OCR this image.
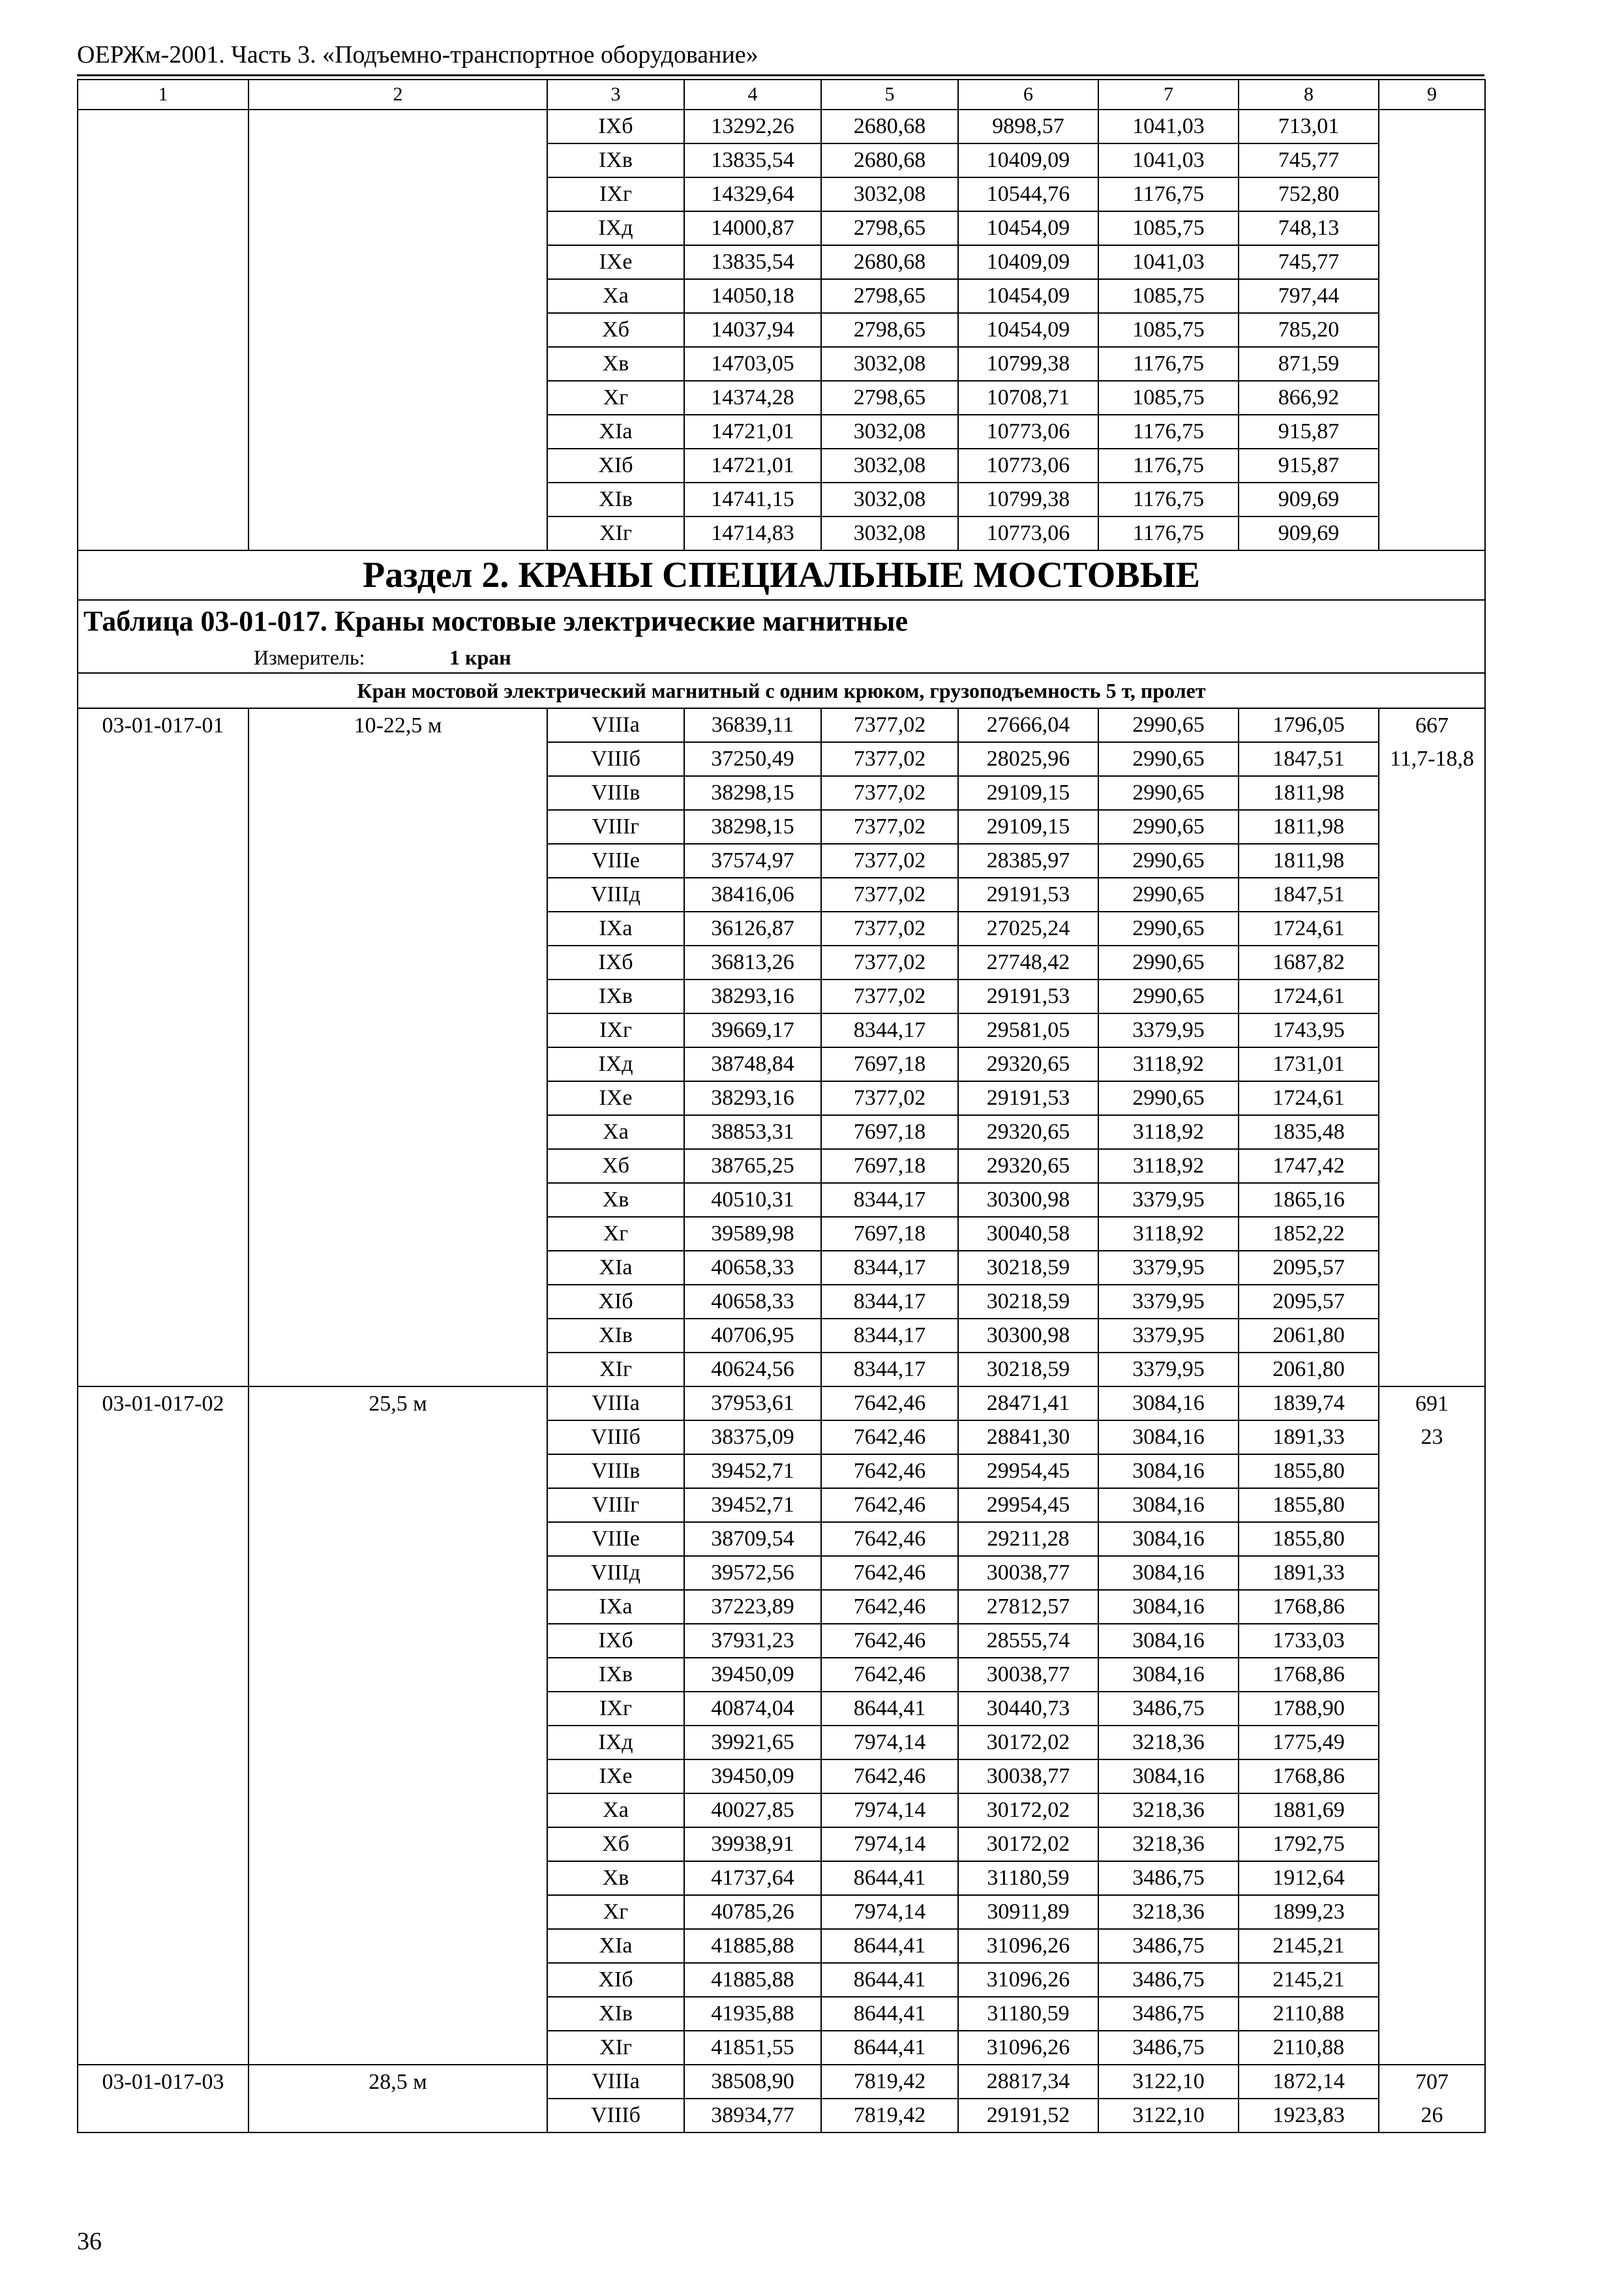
ОЕРЖм-2001. Часть 3. «Подъемно-транспортное оборудование»
1	2	3	4	5	6	7	8	9
		IXб	13292,26	2680,68	9898,57	1041,03	713,01	
		IXв	13835,54	2680,68	10409,09	1041,03	745,77	
		IXг	14329,64	3032,08	10544,76	1176,75	752,80	
		IXд	14000,87	2798,65	10454,09	1085,75	748,13	
		IXе	13835,54	2680,68	10409,09	1041,03	745,77	
		Xа	14050,18	2798,65	10454,09	1085,75	797,44	
		Xб	14037,94	2798,65	10454,09	1085,75	785,20	
		Xв	14703,05	3032,08	10799,38	1176,75	871,59	
		Xг	14374,28	2798,65	10708,71	1085,75	866,92	
		XIа	14721,01	3032,08	10773,06	1176,75	915,87	
		XIб	14721,01	3032,08	10773,06	1176,75	915,87	
		XIв	14741,15	3032,08	10799,38	1176,75	909,69	
		XIг	14714,83	3032,08	10773,06	1176,75	909,69	
Раздел 2. КРАНЫ СПЕЦИАЛЬНЫЕ МОСТОВЫЕ								
Таблица 03-01-017. Краны мостовые электрические магнитные								
Измеритель: 1 кран								
Кран мостовой электрический магнитный с одним крюком, грузоподъемность 5 т, пролет								
03-01-017-01	10-22,5 м	VIIIа	36839,11	7377,02	27666,04	2990,65	1796,05	667
		VIIIб	37250,49	7377,02	28025,96	2990,65	1847,51	11,7-18,8
		VIIIв	38298,15	7377,02	29109,15	2990,65	1811,98	
		VIIIг	38298,15	7377,02	29109,15	2990,65	1811,98	
		VIIIе	37574,97	7377,02	28385,97	2990,65	1811,98	
		VIIIд	38416,06	7377,02	29191,53	2990,65	1847,51	
		IXа	36126,87	7377,02	27025,24	2990,65	1724,61	
		IXб	36813,26	7377,02	27748,42	2990,65	1687,82	
		IXв	38293,16	7377,02	29191,53	2990,65	1724,61	
		IXг	39669,17	8344,17	29581,05	3379,95	1743,95	
		IXд	38748,84	7697,18	29320,65	3118,92	1731,01	
		IXе	38293,16	7377,02	29191,53	2990,65	1724,61	
		Xа	38853,31	7697,18	29320,65	3118,92	1835,48	
		Xб	38765,25	7697,18	29320,65	3118,92	1747,42	
		Xв	40510,31	8344,17	30300,98	3379,95	1865,16	
		Xг	39589,98	7697,18	30040,58	3118,92	1852,22	
		XIа	40658,33	8344,17	30218,59	3379,95	2095,57	
		XIб	40658,33	8344,17	30218,59	3379,95	2095,57	
		XIв	40706,95	8344,17	30300,98	3379,95	2061,80	
		XIг	40624,56	8344,17	30218,59	3379,95	2061,80	
03-01-017-02	25,5 м	VIIIа	37953,61	7642,46	28471,41	3084,16	1839,74	691
		VIIIб	38375,09	7642,46	28841,30	3084,16	1891,33	23
		VIIIв	39452,71	7642,46	29954,45	3084,16	1855,80	
		VIIIг	39452,71	7642,46	29954,45	3084,16	1855,80	
		VIIIе	38709,54	7642,46	29211,28	3084,16	1855,80	
		VIIIд	39572,56	7642,46	30038,77	3084,16	1891,33	
		IXа	37223,89	7642,46	27812,57	3084,16	1768,86	
		IXб	37931,23	7642,46	28555,74	3084,16	1733,03	
		IXв	39450,09	7642,46	30038,77	3084,16	1768,86	
		IXг	40874,04	8644,41	30440,73	3486,75	1788,90	
		IXд	39921,65	7974,14	30172,02	3218,36	1775,49	
		IXе	39450,09	7642,46	30038,77	3084,16	1768,86	
		Xа	40027,85	7974,14	30172,02	3218,36	1881,69	
		Xб	39938,91	7974,14	30172,02	3218,36	1792,75	
		Xв	41737,64	8644,41	31180,59	3486,75	1912,64	
		Xг	40785,26	7974,14	30911,89	3218,36	1899,23	
		XIа	41885,88	8644,41	31096,26	3486,75	2145,21	
		XIб	41885,88	8644,41	31096,26	3486,75	2145,21	
		XIв	41935,88	8644,41	31180,59	3486,75	2110,88	
		XIг	41851,55	8644,41	31096,26	3486,75	2110,88	
03-01-017-03	28,5 м	VIIIа	38508,90	7819,42	28817,34	3122,10	1872,14	707
		VIIIб	38934,77	7819,42	29191,52	3122,10	1923,83	26
36
